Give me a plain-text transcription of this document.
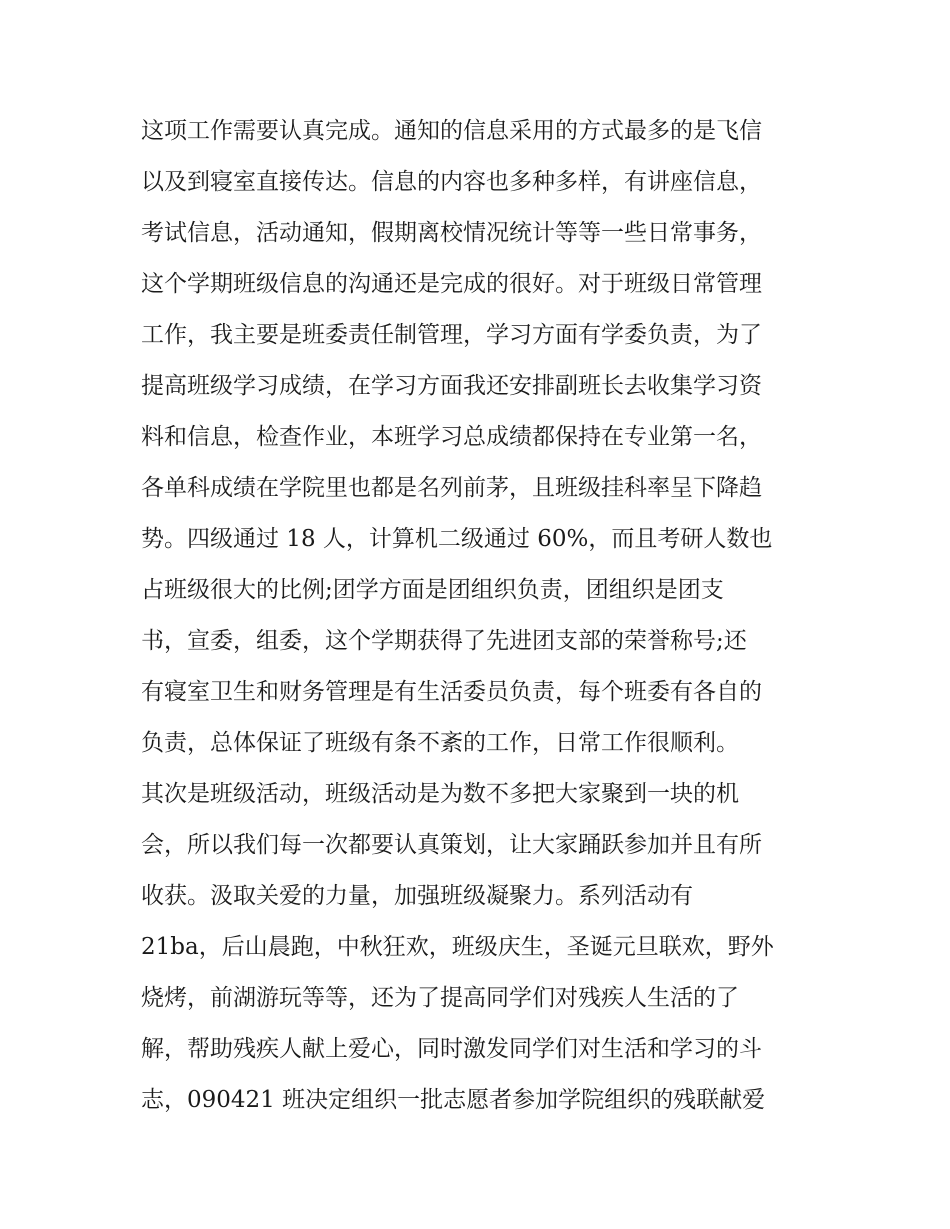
这项工作需要认真完成。通知的信息采用的方式最多的是飞信
以及到寝室直接传达。信息的内容也多种多样，有讲座信息，
考试信息，活动通知，假期离校情况统计等等一些日常事务，
这个学期班级信息的沟通还是完成的很好。对于班级日常管理
工作，我主要是班委责任制管理，学习方面有学委负责，为了
提高班级学习成绩，在学习方面我还安排副班长去收集学习资
料和信息，检查作业，本班学习总成绩都保持在专业第一名，
各单科成绩在学院里也都是名列前茅，且班级挂科率呈下降趋
势。四级通过 18 人，计算机二级通过 60%，而且考研人数也
占班级很大的比例;团学方面是团组织负责，团组织是团支
书，宣委，组委，这个学期获得了先进团支部的荣誉称号;还
有寝室卫生和财务管理是有生活委员负责，每个班委有各自的
负责，总体保证了班级有条不紊的工作，日常工作很顺利。
其次是班级活动，班级活动是为数不多把大家聚到一块的机
会，所以我们每一次都要认真策划，让大家踊跃参加并且有所
收获。汲取关爱的力量，加强班级凝聚力。系列活动有
21ba，后山晨跑，中秋狂欢，班级庆生，圣诞元旦联欢，野外
烧烤，前湖游玩等等，还为了提高同学们对残疾人生活的了
解，帮助残疾人献上爱心，同时激发同学们对生活和学习的斗
志，090421 班决定组织一批志愿者参加学院组织的残联献爱
